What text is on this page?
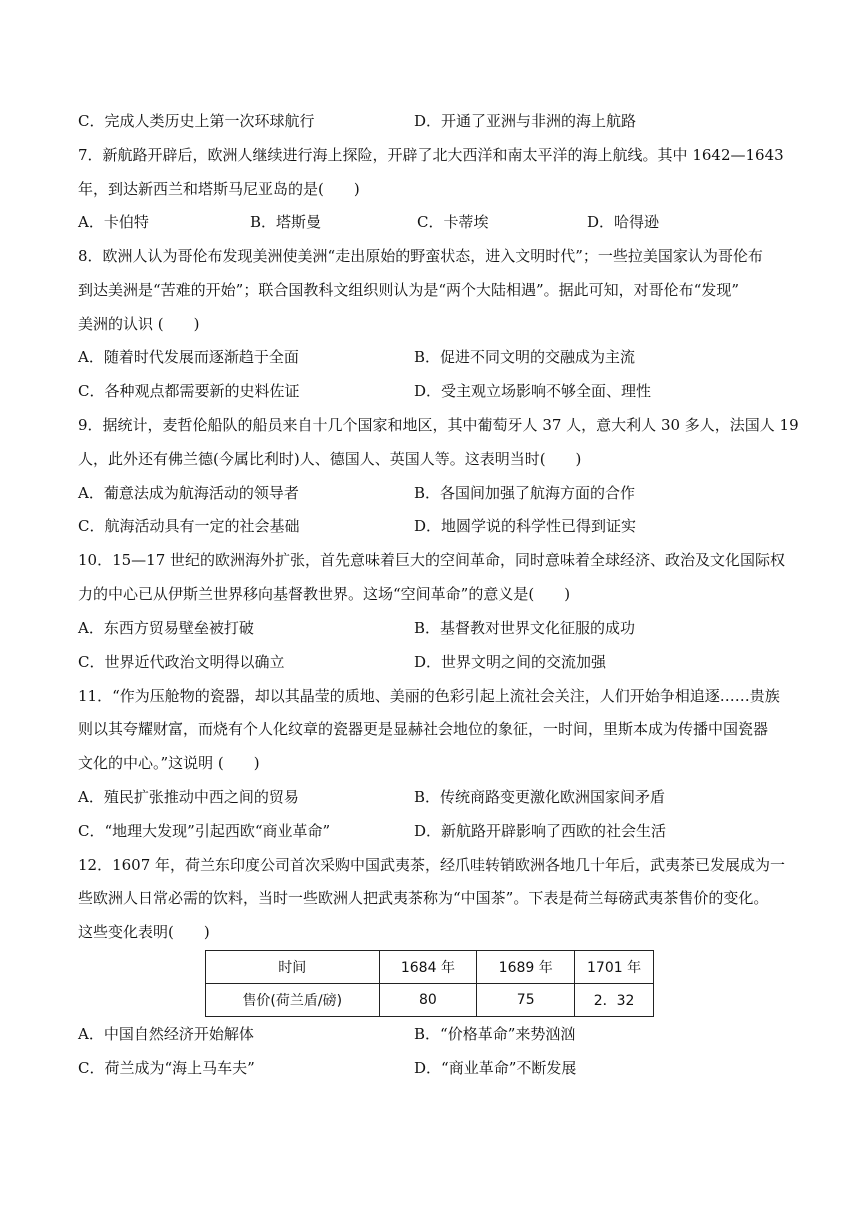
C．完成人类历史上第一次环球航行	D．开通了亚洲与非洲的海上航路
7．新航路开辟后，欧洲人继续进行海上探险，开辟了北大西洋和南太平洋的海上航线。其中 1642—1643
年，到达新西兰和塔斯马尼亚岛的是(　　)
A．卡伯特	B．塔斯曼	C．卡蒂埃	D．哈得逊
8．欧洲人认为哥伦布发现美洲使美洲“走出原始的野蛮状态，进入文明时代”；一些拉美国家认为哥伦布
到达美洲是“苦难的开始”；联合国教科文组织则认为是“两个大陆相遇”。据此可知，对哥伦布“发现”
美洲的认识 (　　)
A．随着时代发展而逐渐趋于全面	B．促进不同文明的交融成为主流
C．各种观点都需要新的史料佐证	D．受主观立场影响不够全面、理性
9．据统计，麦哲伦船队的船员来自十几个国家和地区，其中葡萄牙人 37 人，意大利人 30 多人，法国人 19
人，此外还有佛兰德(今属比利时)人、德国人、英国人等。这表明当时(　　)
A．葡意法成为航海活动的领导者	B．各国间加强了航海方面的合作
C．航海活动具有一定的社会基础	D．地圆学说的科学性已得到证实
10．15—17 世纪的欧洲海外扩张，首先意味着巨大的空间革命，同时意味着全球经济、政治及文化国际权
力的中心已从伊斯兰世界移向基督教世界。这场“空间革命”的意义是(　　)
A．东西方贸易壁垒被打破	B．基督教对世界文化征服的成功
C．世界近代政治文明得以确立	D．世界文明之间的交流加强
11．“作为压舱物的瓷器，却以其晶莹的质地、美丽的色彩引起上流社会关注，人们开始争相追逐……贵族
则以其夸耀财富，而烧有个人化纹章的瓷器更是显赫社会地位的象征，一时间，里斯本成为传播中国瓷器
文化的中心。”这说明 (　　)
A．殖民扩张推动中西之间的贸易	B．传统商路变更激化欧洲国家间矛盾
C．“地理大发现”引起西欧“商业革命”	D．新航路开辟影响了西欧的社会生活
12．1607 年，荷兰东印度公司首次采购中国武夷茶，经爪哇转销欧洲各地几十年后，武夷茶已发展成为一
些欧洲人日常必需的饮料，当时一些欧洲人把武夷茶称为“中国茶”。下表是荷兰每磅武夷茶售价的变化。
这些变化表明(　　)
时间	1684 年	1689 年	1701 年
售价(荷兰盾/磅)	80	75	2．32
A．中国自然经济开始解体	B．“价格革命”来势汹汹
C．荷兰成为“海上马车夫”	D．“商业革命”不断发展
